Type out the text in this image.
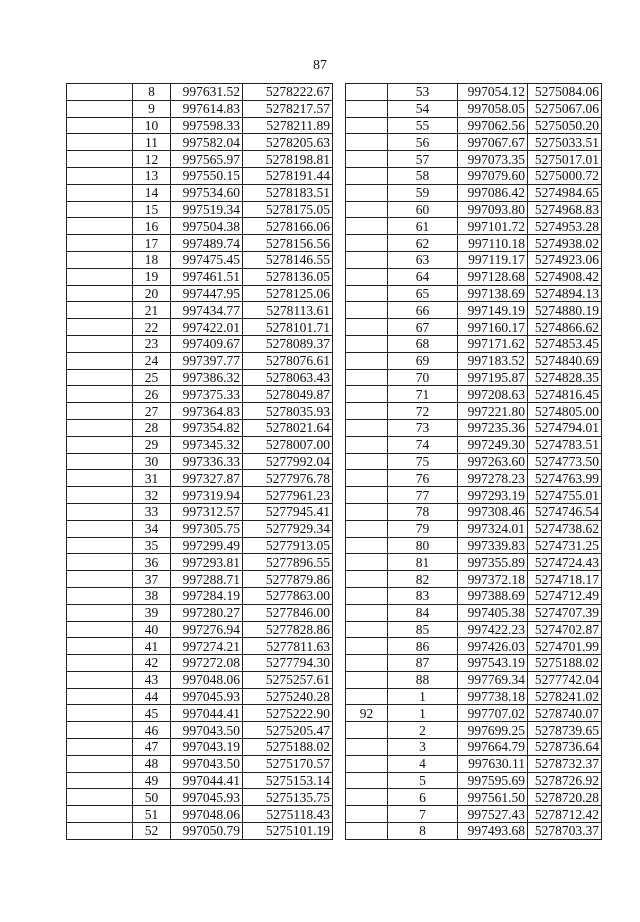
87
	8	997631.52	5278222.67
	9	997614.83	5278217.57
	10	997598.33	5278211.89
	11	997582.04	5278205.63
	12	997565.97	5278198.81
	13	997550.15	5278191.44
	14	997534.60	5278183.51
	15	997519.34	5278175.05
	16	997504.38	5278166.06
	17	997489.74	5278156.56
	18	997475.45	5278146.55
	19	997461.51	5278136.05
	20	997447.95	5278125.06
	21	997434.77	5278113.61
	22	997422.01	5278101.71
	23	997409.67	5278089.37
	24	997397.77	5278076.61
	25	997386.32	5278063.43
	26	997375.33	5278049.87
	27	997364.83	5278035.93
	28	997354.82	5278021.64
	29	997345.32	5278007.00
	30	997336.33	5277992.04
	31	997327.87	5277976.78
	32	997319.94	5277961.23
	33	997312.57	5277945.41
	34	997305.75	5277929.34
	35	997299.49	5277913.05
	36	997293.81	5277896.55
	37	997288.71	5277879.86
	38	997284.19	5277863.00
	39	997280.27	5277846.00
	40	997276.94	5277828.86
	41	997274.21	5277811.63
	42	997272.08	5277794.30
	43	997048.06	5275257.61
	44	997045.93	5275240.28
	45	997044.41	5275222.90
	46	997043.50	5275205.47
	47	997043.19	5275188.02
	48	997043.50	5275170.57
	49	997044.41	5275153.14
	50	997045.93	5275135.75
	51	997048.06	5275118.43
	52	997050.79	5275101.19
	53	997054.12	5275084.06
	54	997058.05	5275067.06
	55	997062.56	5275050.20
	56	997067.67	5275033.51
	57	997073.35	5275017.01
	58	997079.60	5275000.72
	59	997086.42	5274984.65
	60	997093.80	5274968.83
	61	997101.72	5274953.28
	62	997110.18	5274938.02
	63	997119.17	5274923.06
	64	997128.68	5274908.42
	65	997138.69	5274894.13
	66	997149.19	5274880.19
	67	997160.17	5274866.62
	68	997171.62	5274853.45
	69	997183.52	5274840.69
	70	997195.87	5274828.35
	71	997208.63	5274816.45
	72	997221.80	5274805.00
	73	997235.36	5274794.01
	74	997249.30	5274783.51
	75	997263.60	5274773.50
	76	997278.23	5274763.99
	77	997293.19	5274755.01
	78	997308.46	5274746.54
	79	997324.01	5274738.62
	80	997339.83	5274731.25
	81	997355.89	5274724.43
	82	997372.18	5274718.17
	83	997388.69	5274712.49
	84	997405.38	5274707.39
	85	997422.23	5274702.87
	86	997426.03	5274701.99
	87	997543.19	5275188.02
	88	997769.34	5277742.04
	1	997738.18	5278241.02
92	1	997707.02	5278740.07
	2	997699.25	5278739.65
	3	997664.79	5278736.64
	4	997630.11	5278732.37
	5	997595.69	5278726.92
	6	997561.50	5278720.28
	7	997527.43	5278712.42
	8	997493.68	5278703.37
